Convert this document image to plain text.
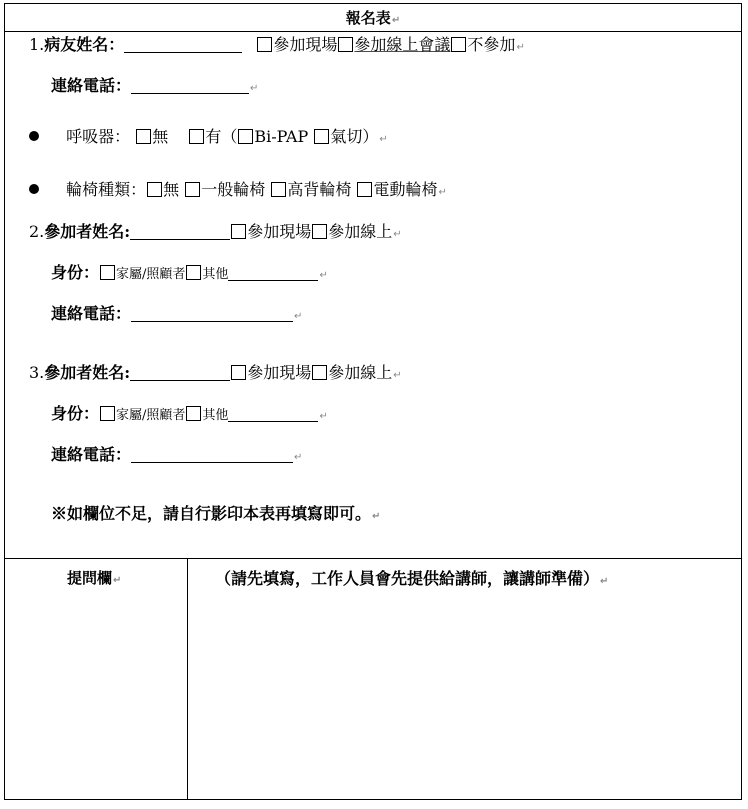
報名表↵
1.病友姓名：	參加現場 參加線上會議 不參加↵
連絡電話：	↵
呼吸器： 無 有（ Bi-PAP 氣切）↵
輪椅種類： 無 一般輪椅 高背輪椅 電動輪椅↵
2.參加者姓名:	參加現場 參加線上↵
身份： 家屬/照顧者 其他	↵
連絡電話：	↵
3.參加者姓名:	參加現場 參加線上↵
身份： 家屬/照顧者 其他	↵
連絡電話：	↵
※如欄位不足，請自行影印本表再填寫即可。↵
提問欄↵	（請先填寫，工作人員會先提供給講師，讓講師準備）↵
